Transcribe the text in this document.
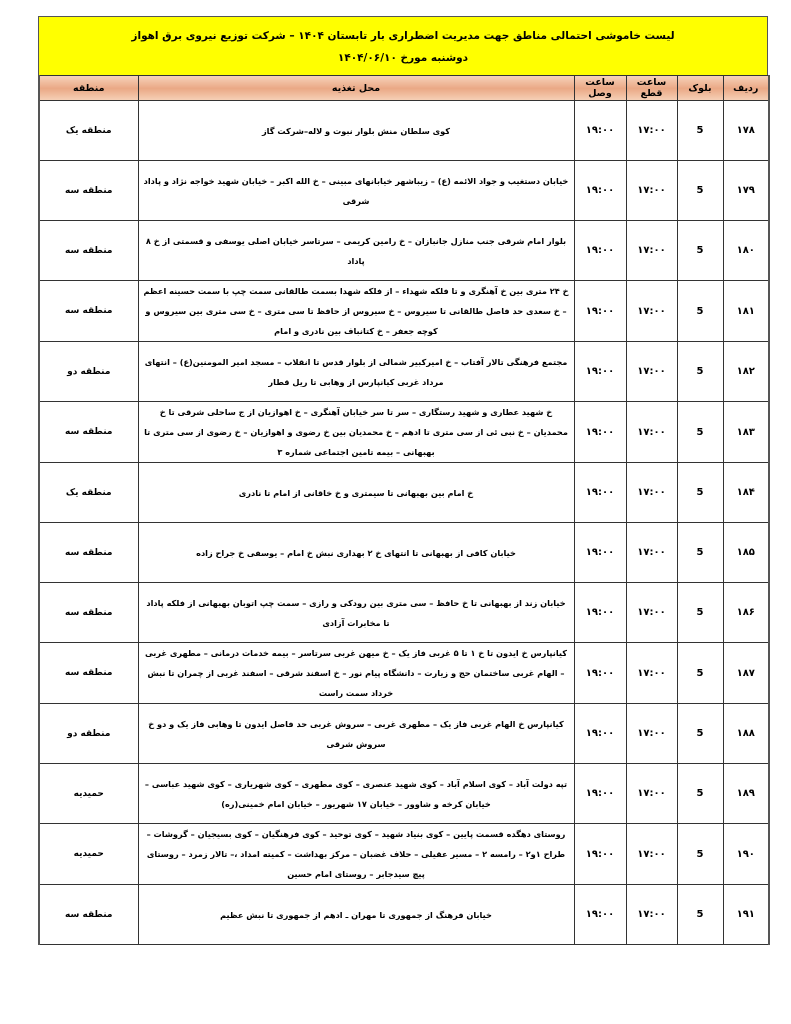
لیست خاموشی احتمالی مناطق جهت مدیریت اضطراری بار تابستان ۱۴۰۴ – شرکت توزیع نیروی برق اهواز
دوشنبه مورخ ۱۴۰۴/۰۶/۱۰
ردیف	بلوک	ساعت قطع	ساعت وصل	محل تغذیه	منطقه
۱۷۸	5	۱۷:۰۰	۱۹:۰۰	کوی سلطان منش بلوار نبوت و لاله–شرکت گاز	منطقه یک
۱۷۹	5	۱۷:۰۰	۱۹:۰۰	خیابان دستغیب و جواد الائمه (ع) – زیباشهر خیابانهای مبینی – خ الله اکبر – خیابان شهید خواجه نژاد و پاداد شرقی	منطقه سه
۱۸۰	5	۱۷:۰۰	۱۹:۰۰	بلوار امام شرقی جنب منازل جانبازان – خ رامین کریمی – سرتاسر خیابان اصلی یوسفی و قسمتی از خ ۸ پاداد	منطقه سه
۱۸۱	5	۱۷:۰۰	۱۹:۰۰	خ ۲۴ متری بین خ آهنگری و تا فلکه شهداء – از فلکه شهدا بسمت طالقانی سمت چپ با سمت حسینه اعظم – خ سعدی حد فاصل طالقانی تا سیروس – خ سیروس از حافظ تا سی متری – خ سی متری بین سیروس و کوچه جعفر – خ کتانباف بین نادری و امام	منطقه سه
۱۸۲	5	۱۷:۰۰	۱۹:۰۰	مجتمع فرهنگی تالار آفتاب – خ امیرکبیر شمالی از بلوار قدس تا انقلاب – مسجد امیر المومنین(ع) – انتهای مرداد غربی کیانپارس از وهابی تا ریل قطار	منطقه دو
۱۸۳	5	۱۷:۰۰	۱۹:۰۰	خ شهید عطاری و شهید رستگاری – سر تا سر خیابان آهنگری – خ اهوازیان از ج ساحلی شرقی تا خ محمدیان – خ نبی ئی از سی متری تا ادهم – خ محمدیان بین خ رضوی و اهوازیان – خ رضوی از سی متری تا بهبهانی – بیمه تامین اجتماعی شماره ۳	منطقه سه
۱۸۴	5	۱۷:۰۰	۱۹:۰۰	خ امام بین بهبهانی تا سیمتری و خ خاقانی از امام تا نادری	منطقه یک
۱۸۵	5	۱۷:۰۰	۱۹:۰۰	خیابان کافی از بهبهانی تا انتهای خ ۲ بهداری نبش خ امام – یوسفی خ جراح زاده	منطقه سه
۱۸۶	5	۱۷:۰۰	۱۹:۰۰	خیابان زند از بهبهانی تا خ حافظ – سی متری بین رودکی و رازی – سمت چپ اتوبان بهبهانی از فلکه پاداد تا مخابرات آزادی	منطقه سه
۱۸۷	5	۱۷:۰۰	۱۹:۰۰	کیانپارس خ ایدون تا خ ۱ تا ۵ غربی فاز یک – خ میهن غربی سرتاسر – بیمه خدمات درمانی – مطهری غربی – الهام غربی ساختمان حج و زیارت – دانشگاه پیام نور – خ اسفند شرقی – اسفند غربی از چمران تا نبش خرداد سمت راست	منطقه سه
۱۸۸	5	۱۷:۰۰	۱۹:۰۰	کیانپارس خ الهام غربی فاز یک – مطهری غربی – سروش غربی حد فاصل ایدون تا وهابی فاز یک و دو خ سروش شرقی	منطقه دو
۱۸۹	5	۱۷:۰۰	۱۹:۰۰	تپه دولت آباد – کوی اسلام آباد – کوی شهید عنصری – کوی مطهری – کوی شهریاری – کوی شهید عباسی – خیابان کرخه و شاوور – خیابان ۱۷ شهریور – خیابان امام خمینی(ره)	حمیدیه
۱۹۰	5	۱۷:۰۰	۱۹:۰۰	روستای دهگده قسمت پایین – کوی بنیاد شهید – کوی توحید – کوی فرهنگیان – کوی بسیجیان – گروشات – طراح ۱و۲ – رامسه ۲ – مسیر عقیلی – حلاف غضبان – مرکز بهداشت – کمیته امداد ،– تالار زمرد – روستای پیچ سیدجابر – روستای امام حسین	حمیدیه
۱۹۱	5	۱۷:۰۰	۱۹:۰۰	خیابان فرهنگ از جمهوری تا مهران ـ ادهم از جمهوری تا نبش عظیم	منطقه سه
